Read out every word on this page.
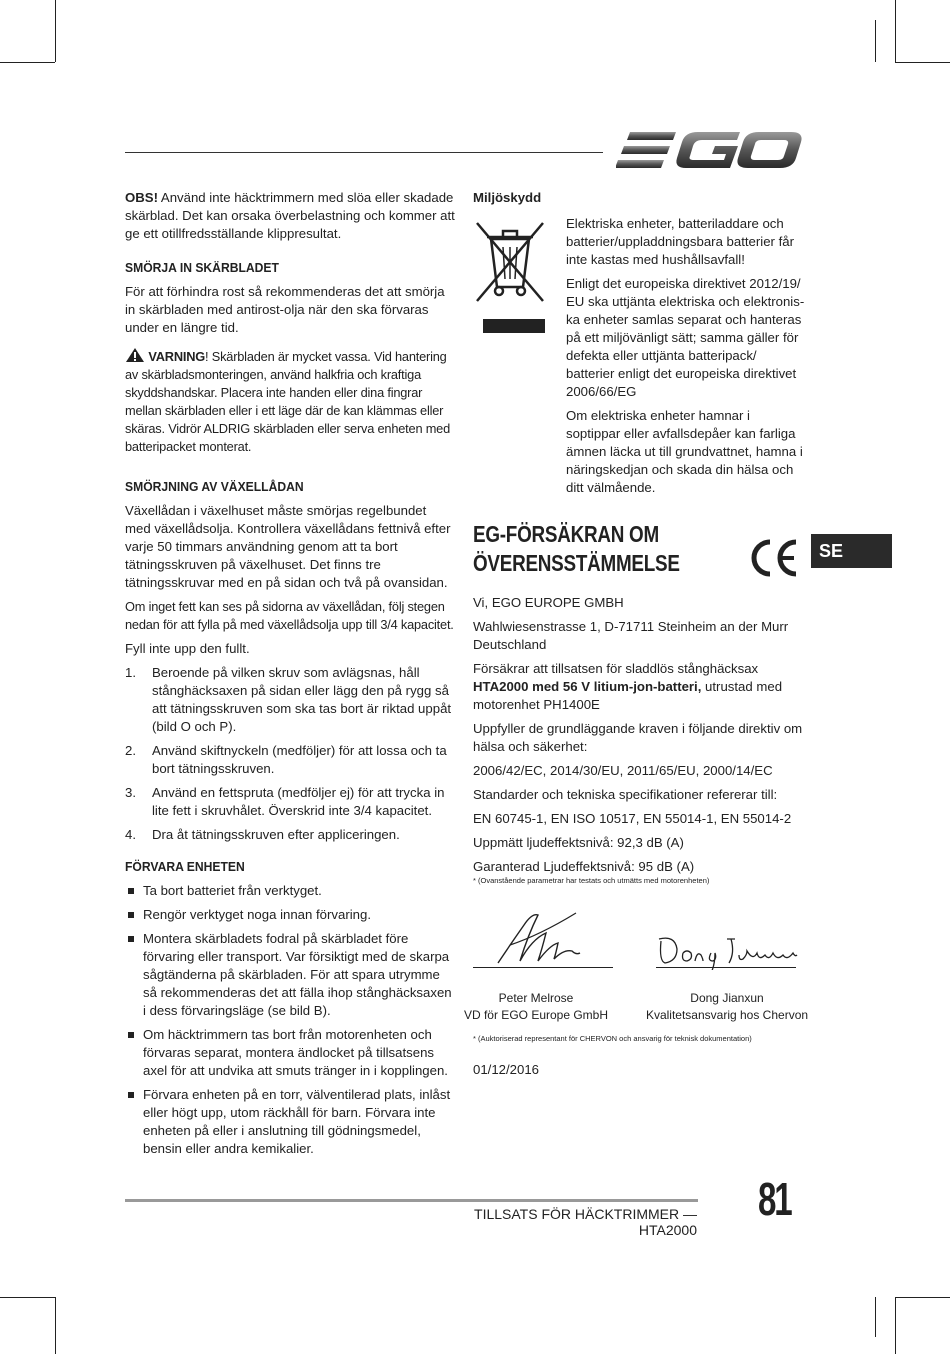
OBS! Använd inte häcktrimmern med slöa eller skadade skärblad. Det kan orsaka överbelastning och kommer att ge ett otillfredsställande klippresultat.

SMÖRJA IN SKÄRBLADET

För att förhindra rost så rekommenderas det att smörja in skärbladen med antirost-olja när den ska förvaras under en längre tid.

VARNING! Skärbladen är mycket vassa. Vid hantering av skärbladsmonteringen, använd halkfria och kraftiga skyddshandskar. Placera inte handen eller dina fingrar mellan skärbladen eller i ett läge där de kan klämmas eller skäras. Vidrör ALDRIG skärbladen eller serva enheten med batteripacket monterat.

SMÖRJNING AV VÄXELLÅDAN

Växellådan i växelhuset måste smörjas regelbundet med växellådsolja. Kontrollera växellådans fettnivå efter varje 50 timmars användning genom att ta bort tätningsskruven på växelhuset. Det finns tre tätningsskruvar med en på sidan och två på ovansidan.

Om inget fett kan ses på sidorna av växellådan, följ stegen nedan för att fylla på med växellådsolja upp till 3/4 kapacitet.

Fyll inte upp den fullt.

1. Beroende på vilken skruv som avlägsnas, håll stånghäcksaxen på sidan eller lägg den på rygg så att tätningsskruven som ska tas bort är riktad uppåt (bild O och P).
2. Använd skiftnyckeln (medföljer) för att lossa och ta bort tätningsskruven.
3. Använd en fettspruta (medföljer ej) för att trycka in lite fett i skruvhålet. Överskrid inte 3/4 kapacitet.
4. Dra åt tätningsskruven efter appliceringen.
FÖRVARA ENHETEN
Ta bort batteriet från verktyget.
Rengör verktyget noga innan förvaring.
Montera skärbladets fodral på skärbladet före förvaring eller transport. Var försiktigt med de skarpa sågtänderna på skärbladen. För att spara utrymme så rekommenderas det att fälla ihop stånghäcksaxen i dess förvaringsläge (se bild B).
Om häcktrimmern tas bort från motorenheten och förvaras separat, montera ändlocket på tillsatsens axel för att undvika att smuts tränger in i kopplingen.
Förvara enheten på en torr, välventilerad plats, inlåst eller högt upp, utom räckhåll för barn. Förvara inte enheten på eller i anslutning till gödningsmedel, bensin eller andra kemikalier.
Miljöskydd

Elektriska enheter, batteriladdare och batterier/uppladdningsbara batterier får inte kastas med hushållsavfall!

Enligt det europeiska direktivet 2012/19/ EU ska uttjänta elektriska och elektronis-ka enheter samlas separat och hanteras på ett miljövänligt sätt; samma gäller för defekta eller uttjänta batteripack/ batterier enligt det europeiska direktivet 2006/66/EG

Om elektriska enheter hamnar i soptippar eller avfallsdepåer kan farliga ämnen läcka ut till grundvattnet, hamna i näringskedjan och skada din hälsa och ditt välmående.

EG-FÖRSÄKRAN OM ÖVERENSSTÄMMELSE	SE

Vi, EGO EUROPE GMBH

Wahlwiesenstrasse 1, D-71711 Steinheim an der Murr Deutschland

Försäkrar att tillsatsen för sladdlös stånghäcksax HTA2000 med 56 V litium-jon-batteri, utrustad med motorenhet PH1400E

Uppfyller de grundläggande kraven i följande direktiv om hälsa och säkerhet:

2006/42/EC, 2014/30/EU, 2011/65/EU, 2000/14/EC

Standarder och tekniska specifikationer refererar till:

EN 60745-1, EN ISO 10517, EN 55014-1, EN 55014-2

Uppmätt ljudeffektsnivå: 92,3 dB (A)

Garanterad Ljudeffektsnivå: 95 dB (A)

* (Ovanstående parametrar har testats och utmätts med motorenheten)
Peter Melrose
VD för EGO Europe GmbH
Dong Jianxun
Kvalitetsansvarig hos Chervon
* (Auktoriserad representant för CHERVON och ansvarig för teknisk dokumentation)
01/12/2016
TILLSATS FÖR HÄCKTRIMMER — HTA2000
81
